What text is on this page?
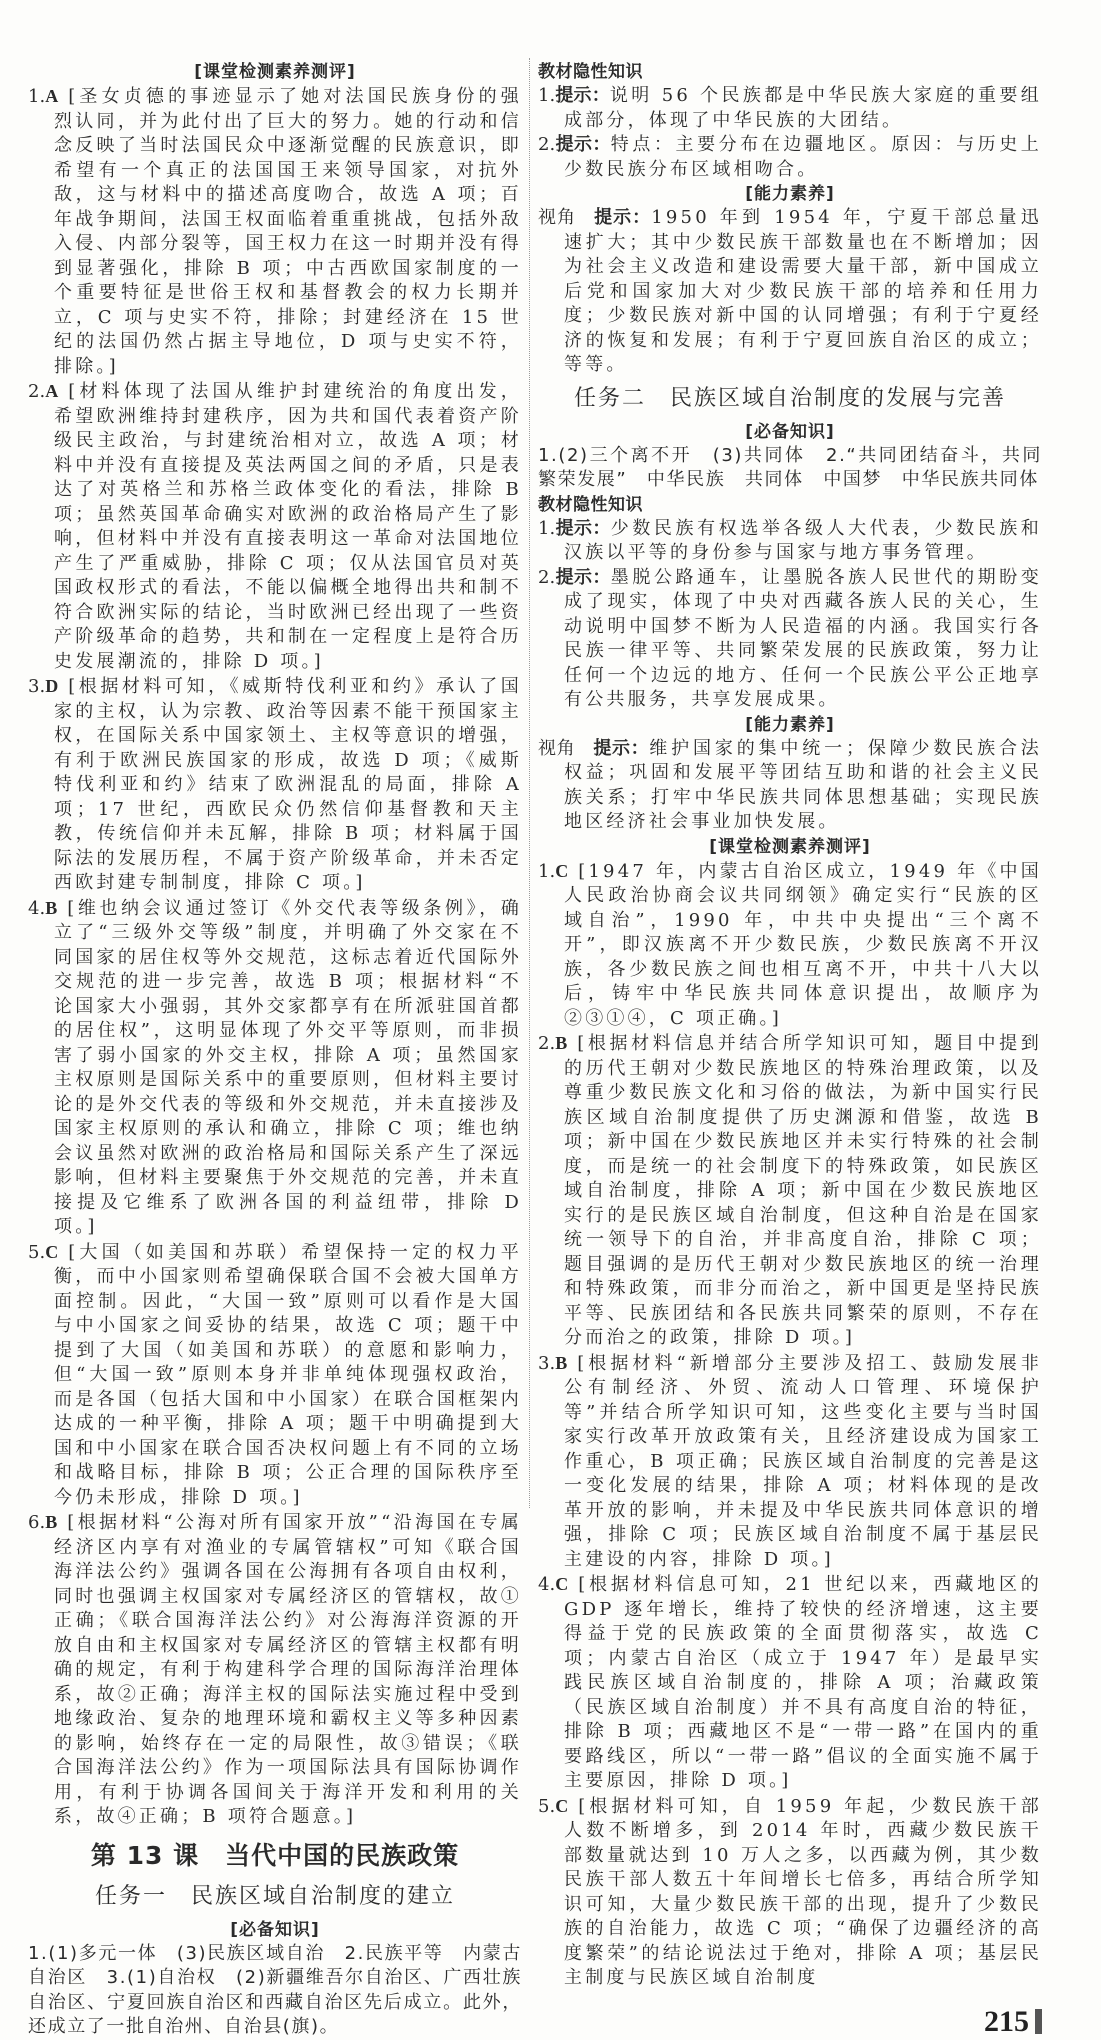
[课堂检测素养测评]
1.A [圣女贞德的事迹显示了她对法国民族身份的强烈认同，并为此付出了巨大的努力。她的行动和信念反映了当时法国民众中逐渐觉醒的民族意识，即希望有一个真正的法国国王来领导国家，对抗外敌，这与材料中的描述高度吻合，故选 A 项；百年战争期间，法国王权面临着重重挑战，包括外敌入侵、内部分裂等，国王权力在这一时期并没有得到显著强化，排除 B 项；中古西欧国家制度的一个重要特征是世俗王权和基督教会的权力长期并立，C 项与史实不符，排除；封建经济在 15 世纪的法国仍然占据主导地位，D 项与史实不符，排除。]
2.A [材料体现了法国从维护封建统治的角度出发，希望欧洲维持封建秩序，因为共和国代表着资产阶级民主政治，与封建统治相对立，故选 A 项；材料中并没有直接提及英法两国之间的矛盾，只是表达了对英格兰和苏格兰政体变化的看法，排除 B 项；虽然英国革命确实对欧洲的政治格局产生了影响，但材料中并没有直接表明这一革命对法国地位产生了严重威胁，排除 C 项；仅从法国官员对英国政权形式的看法，不能以偏概全地得出共和制不符合欧洲实际的结论，当时欧洲已经出现了一些资产阶级革命的趋势，共和制在一定程度上是符合历史发展潮流的，排除 D 项。]
3.D [根据材料可知，《威斯特伐利亚和约》承认了国家的主权，认为宗教、政治等因素不能干预国家主权，在国际关系中国家领土、主权等意识的增强，有利于欧洲民族国家的形成，故选 D 项；《威斯特伐利亚和约》结束了欧洲混乱的局面，排除 A 项；17 世纪，西欧民众仍然信仰基督教和天主教，传统信仰并未瓦解，排除 B 项；材料属于国际法的发展历程，不属于资产阶级革命，并未否定西欧封建专制制度，排除 C 项。]
4.B [维也纳会议通过签订《外交代表等级条例》，确立了“三级外交等级”制度，并明确了外交家在不同国家的居住权等外交规范，这标志着近代国际外交规范的进一步完善，故选 B 项；根据材料“不论国家大小强弱，其外交家都享有在所派驻国首都的居住权”，这明显体现了外交平等原则，而非损害了弱小国家的外交主权，排除 A 项；虽然国家主权原则是国际关系中的重要原则，但材料主要讨论的是外交代表的等级和外交规范，并未直接涉及国家主权原则的承认和确立，排除 C 项；维也纳会议虽然对欧洲的政治格局和国际关系产生了深远影响，但材料主要聚焦于外交规范的完善，并未直接提及它维系了欧洲各国的利益纽带，排除 D 项。]
5.C [大国（如美国和苏联）希望保持一定的权力平衡，而中小国家则希望确保联合国不会被大国单方面控制。因此，“大国一致”原则可以看作是大国与中小国家之间妥协的结果，故选 C 项；题干中提到了大国（如美国和苏联）的意愿和影响力，但“大国一致”原则本身并非单纯体现强权政治，而是各国（包括大国和中小国家）在联合国框架内达成的一种平衡，排除 A 项；题干中明确提到大国和中小国家在联合国否决权问题上有不同的立场和战略目标，排除 B 项；公正合理的国际秩序至今仍未形成，排除 D 项。]
6.B [根据材料“公海对所有国家开放”“沿海国在专属经济区内享有对渔业的专属管辖权”可知《联合国海洋法公约》强调各国在公海拥有各项自由权利，同时也强调主权国家对专属经济区的管辖权，故①正确；《联合国海洋法公约》对公海海洋资源的开放自由和主权国家对专属经济区的管辖主权都有明确的规定，有利于构建科学合理的国际海洋治理体系，故②正确；海洋主权的国际法实施过程中受到地缘政治、复杂的地理环境和霸权主义等多种因素的影响，始终存在一定的局限性，故③错误；《联合国海洋法公约》作为一项国际法具有国际协调作用，有利于协调各国间关于海洋开发和利用的关系，故④正确；B 项符合题意。]
第 13 课　当代中国的民族政策
任务一　民族区域自治制度的建立
[必备知识]
1.(1)多元一体　(3)民族区域自治　2.民族平等　内蒙古自治区　3.(1)自治权　(2)新疆维吾尔自治区、广西壮族自治区、宁夏回族自治区和西藏自治区先后成立。此外，还成立了一批自治州、自治县(旗)。
教材隐性知识
1.提示：说明 56 个民族都是中华民族大家庭的重要组成部分，体现了中华民族的大团结。
2.提示：特点：主要分布在边疆地区。原因：与历史上少数民族分布区域相吻合。
[能力素养]
视角 提示：1950 年到 1954 年，宁夏干部总量迅速扩大；其中少数民族干部数量也在不断增加；因为社会主义改造和建设需要大量干部，新中国成立后党和国家加大对少数民族干部的培养和任用力度；少数民族对新中国的认同增强；有利于宁夏经济的恢复和发展；有利于宁夏回族自治区的成立；等等。
任务二　民族区域自治制度的发展与完善
[必备知识]
1.(2)三个离不开　(3)共同体　2.“共同团结奋斗，共同繁荣发展”　中华民族　共同体　中国梦　中华民族共同体
教材隐性知识
1.提示：少数民族有权选举各级人大代表，少数民族和汉族以平等的身份参与国家与地方事务管理。
2.提示：墨脱公路通车，让墨脱各族人民世代的期盼变成了现实，体现了中央对西藏各族人民的关心，生动说明中国梦不断为人民造福的内涵。我国实行各民族一律平等、共同繁荣发展的民族政策，努力让任何一个边远的地方、任何一个民族公平公正地享有公共服务，共享发展成果。
[能力素养]
视角 提示：维护国家的集中统一；保障少数民族合法权益；巩固和发展平等团结互助和谐的社会主义民族关系；打牢中华民族共同体思想基础；实现民族地区经济社会事业加快发展。
[课堂检测素养测评]
1.C [1947 年，内蒙古自治区成立，1949 年《中国人民政治协商会议共同纲领》确定实行“民族的区域自治”，1990 年，中共中央提出“三个离不开”，即汉族离不开少数民族，少数民族离不开汉族，各少数民族之间也相互离不开，中共十八大以后，铸牢中华民族共同体意识提出，故顺序为②③①④，C 项正确。]
2.B [根据材料信息并结合所学知识可知，题目中提到的历代王朝对少数民族地区的特殊治理政策，以及尊重少数民族文化和习俗的做法，为新中国实行民族区域自治制度提供了历史渊源和借鉴，故选 B 项；新中国在少数民族地区并未实行特殊的社会制度，而是统一的社会制度下的特殊政策，如民族区域自治制度，排除 A 项；新中国在少数民族地区实行的是民族区域自治制度，但这种自治是在国家统一领导下的自治，并非高度自治，排除 C 项；题目强调的是历代王朝对少数民族地区的统一治理和特殊政策，而非分而治之，新中国更是坚持民族平等、民族团结和各民族共同繁荣的原则，不存在分而治之的政策，排除 D 项。]
3.B [根据材料“新增部分主要涉及招工、鼓励发展非公有制经济、外贸、流动人口管理、环境保护等”并结合所学知识可知，这些变化主要与当时国家实行改革开放政策有关，且经济建设成为国家工作重心，B 项正确；民族区域自治制度的完善是这一变化发展的结果，排除 A 项；材料体现的是改革开放的影响，并未提及中华民族共同体意识的增强，排除 C 项；民族区域自治制度不属于基层民主建设的内容，排除 D 项。]
4.C [根据材料信息可知，21 世纪以来，西藏地区的 GDP 逐年增长，维持了较快的经济增速，这主要得益于党的民族政策的全面贯彻落实，故选 C 项；内蒙古自治区（成立于 1947 年）是最早实践民族区域自治制度的，排除 A 项；治藏政策（民族区域自治制度）并不具有高度自治的特征，排除 B 项；西藏地区不是“一带一路”在国内的重要路线区，所以“一带一路”倡议的全面实施不属于主要原因，排除 D 项。]
5.C [根据材料可知，自 1959 年起，少数民族干部人数不断增多，到 2014 年时，西藏少数民族干部数量就达到 10 万人之多，以西藏为例，其少数民族干部人数五十年间增长七倍多，再结合所学知识可知，大量少数民族干部的出现，提升了少数民族的自治能力，故选 C 项；“确保了边疆经济的高度繁荣”的结论说法过于绝对，排除 A 项；基层民主制度与民族区域自治制度
215
